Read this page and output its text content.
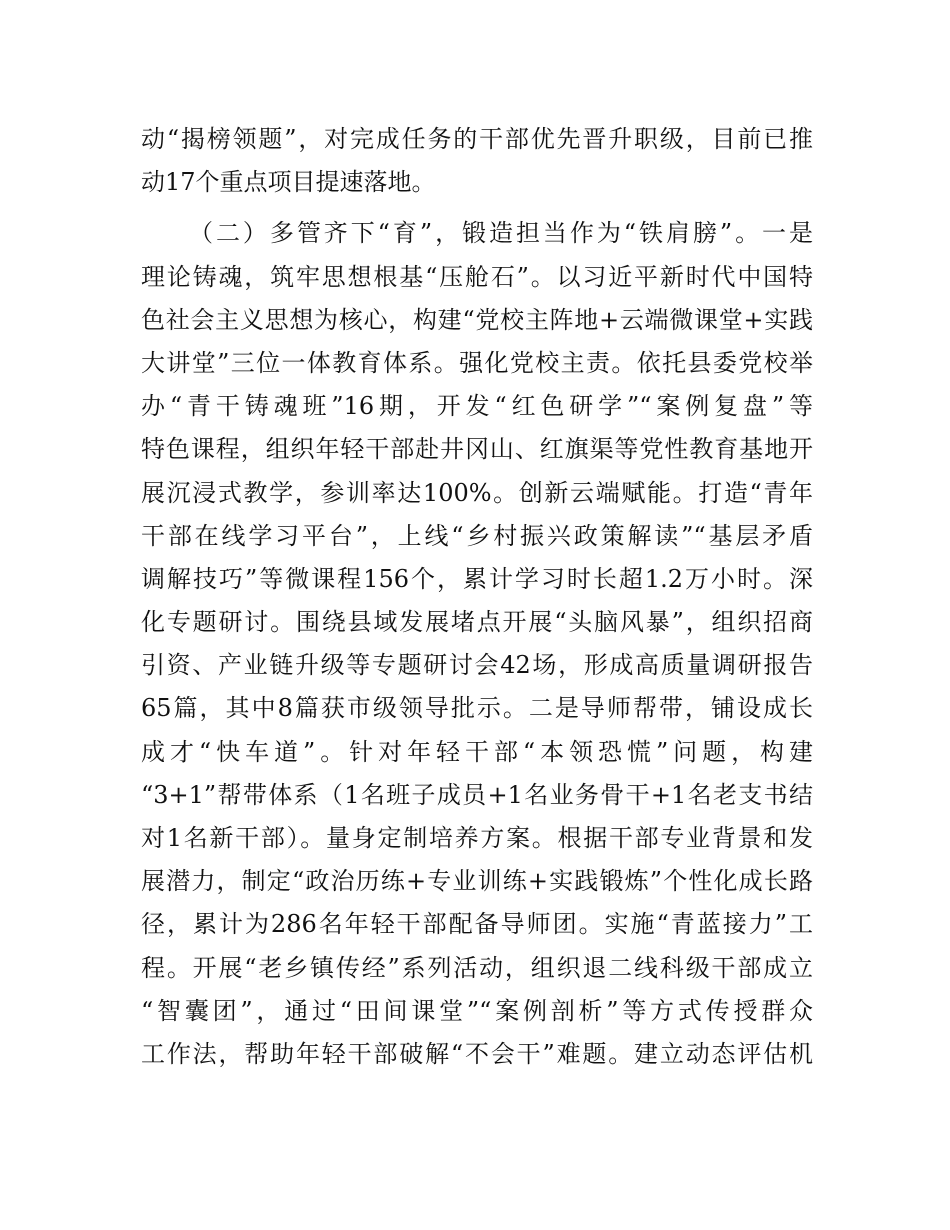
动“揭榜领题”，对完成任务的干部优先晋升职级，目前已推
动17个重点项目提速落地。
（二）多管齐下“育”，锻造担当作为“铁肩膀”。一是
理论铸魂，筑牢思想根基“压舱石”。以习近平新时代中国特
色社会主义思想为核心，构建“党校主阵地+云端微课堂+实践
大讲堂”三位一体教育体系。强化党校主责。依托县委党校举
办“青干铸魂班”16期，开发“红色研学”“案例复盘”等
特色课程，组织年轻干部赴井冈山、红旗渠等党性教育基地开
展沉浸式教学，参训率达100%。创新云端赋能。打造“青年
干部在线学习平台”，上线“乡村振兴政策解读”“基层矛盾
调解技巧”等微课程156个，累计学习时长超1.2万小时。深
化专题研讨。围绕县域发展堵点开展“头脑风暴”，组织招商
引资、产业链升级等专题研讨会42场，形成高质量调研报告
65篇，其中8篇获市级领导批示。二是导师帮带，铺设成长
成才“快车道”。针对年轻干部“本领恐慌”问题，构建
“3+1”帮带体系（1名班子成员+1名业务骨干+1名老支书结
对1名新干部）。量身定制培养方案。根据干部专业背景和发
展潜力，制定“政治历练+专业训练+实践锻炼”个性化成长路
径，累计为286名年轻干部配备导师团。实施“青蓝接力”工
程。开展“老乡镇传经”系列活动，组织退二线科级干部成立
“智囊团”，通过“田间课堂”“案例剖析”等方式传授群众
工作法，帮助年轻干部破解“不会干”难题。建立动态评估机
